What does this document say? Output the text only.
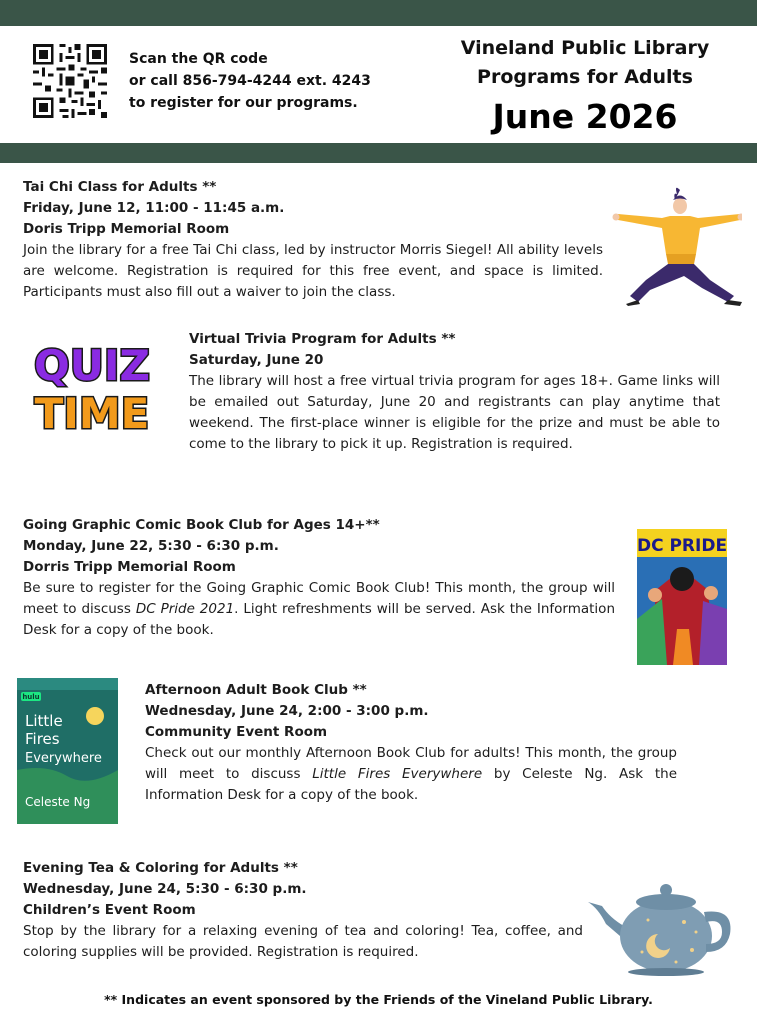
Scan the QR code
or call 856-794-4244 ext. 4243
to register for our programs.
Vineland Public Library
Programs for Adults
June 2026
Tai Chi Class for Adults **
Friday, June 12, 11:00 - 11:45 a.m.
Doris Tripp Memorial Room
Join the library for a free Tai Chi class, led by instructor Morris Siegel! All ability levels are welcome. Registration is required for this free event, and space is limited. Participants must also fill out a waiver to join the class.
Virtual Trivia Program for Adults **
Saturday, June 20
The library will host a free virtual trivia program for ages 18+. Game links will be emailed out Saturday, June 20 and registrants can play anytime that weekend. The first-place winner is eligible for the prize and must be able to come to the library to pick it up. Registration is required.
Going Graphic Comic Book Club for Ages 14+**
Monday, June 22, 5:30 - 6:30 p.m.
Dorris Tripp Memorial Room
Be sure to register for the Going Graphic Comic Book Club! This month, the group will meet to discuss DC Pride 2021. Light refreshments will be served. Ask the Information Desk for a copy of the book.
Afternoon Adult Book Club **
Wednesday, June 24, 2:00 - 3:00 p.m.
Community Event Room
Check out our monthly Afternoon Book Club for adults! This month, the group will meet to discuss Little Fires Everywhere by Celeste Ng. Ask the Information Desk for a copy of the book.
Evening Tea & Coloring for Adults **
Wednesday, June 24, 5:30 - 6:30 p.m.
Children’s Event Room
Stop by the library for a relaxing evening of tea and coloring! Tea, coffee, and coloring supplies will be provided. Registration is required.
QUIZ
TIME
DC PRIDE
hulu
Little
Fires
Everywhere
Celeste Ng
** Indicates an event sponsored by the Friends of the Vineland Public Library.
